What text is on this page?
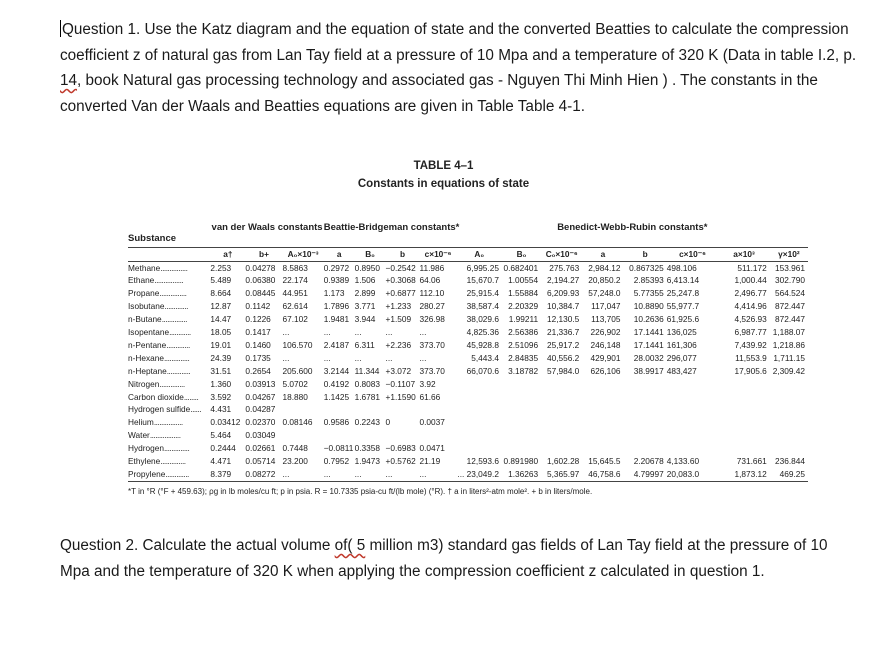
Question 1. Use the Katz diagram and the equation of state and the converted Beatties to calculate the compression coefficient z of natural gas from Lan Tay field at a pressure of 10 Mpa and a temperature of 320 K (Data in table I.2, p. 14, book Natural gas processing technology and associated gas - Nguyen Thi Minh Hien ) . The constants in the converted Van der Waals and Beatties equations are given in Table Table 4-1.
TABLE 4–1
Constants in equations of state
Substance	van der Waals constants			Beattie-Bridgeman constants*				Benedict-Webb-Rubin constants*							
	a†	b+	A₀×10⁻³	a	B₀	b	c×10⁻⁶	A₀	B₀	C₀×10⁻⁶	a	b	c×10⁻⁶	a×10³	γ×10²
Methane...............	2.253	0.04278	8.5863	0.2972	0.8950	−0.2542	11.986	6,995.25	0.682401	275.763	2,984.12	0.867325	498.106	511.172	153.961
Ethane................	5.489	0.06380	22.174	0.9389	1.506	+0.3068	64.06	15,670.7	1.00554	2,194.27	20,850.2	2.85393	6,413.14	1,000.44	302.790
Propane...............	8.664	0.08445	44.951	1.173	2.899	+0.6877	112.10	25,915.4	1.55884	6,209.93	57,248.0	5.77355	25,247.8	2,496.77	564.524
Isobutane.............	12.87	0.1142	62.614	1.7896	3.771	+1.233	280.27	38,587.4	2.20329	10,384.7	117,047	10.8890	55,977.7	4,414.96	872.447
n-Butane..............	14.47	0.1226	67.102	1.9481	3.944	+1.509	326.98	38,029.6	1.99211	12,130.5	113,705	10.2636	61,925.6	4,526.93	872.447
Isopentane............	18.05	0.1417	...	...	...	...	...	4,825.36	2.56386	21,336.7	226,902	17.1441	136,025	6,987.77	1,188.07
n-Pentane.............	19.01	0.1460	106.570	2.4187	6.311	+2.236	373.70	45,928.8	2.51096	25,917.2	246,148	17.1441	161,306	7,439.92	1,218.86
n-Hexane..............	24.39	0.1735	...	...	...	...	...	5,443.4	2.84835	40,556.2	429,901	28.0032	296,077	11,553.9	1,711.15
n-Heptane.............	31.51	0.2654	205.600	3.2144	11.344	+3.072	373.70	66,070.6	3.18782	57,984.0	626,106	38.9917	483,427	17,905.6	2,309.42
Nitrogen..............	1.360	0.03913	5.0702	0.4192	0.8083	−0.1107	3.92								
Carbon dioxide........	3.592	0.04267	18.880	1.1425	1.6781	+1.1590	61.66								
Hydrogen sulfide......	4.431	0.04287													
Helium................	0.03412	0.02370	0.08146	0.9586	0.2243	0	0.0037								
Water.................	5.464	0.03049													
Hydrogen..............	0.2444	0.02661	0.7448	−0.0811	0.3358	−0.6983	0.0471								
Ethylene..............	4.471	0.05714	23.200	0.7952	1.9473	+0.5762	21.19	12,593.6	0.891980	1,602.28	15,645.5	2.20678	4,133.60	731.661	236.844
Propylene.............	8.379	0.08272	...	...	...	...	...	... 23,049.2	1.36263	5,365.97	46,758.6	4.79997	20,083.0	1,873.12	469.25
*T in °R (°F + 459.63); ρg in lb moles/cu ft; p in psia. R = 10.7335 psia-cu ft/(lb mole) (°R). † a in liters²-atm mole². + b in liters/mole.															
Question 2. Calculate the actual volume of( 5 million m3) standard gas fields of Lan Tay field at the pressure of 10 Mpa and the temperature of 320 K when applying the compression coefficient z calculated in question 1.
